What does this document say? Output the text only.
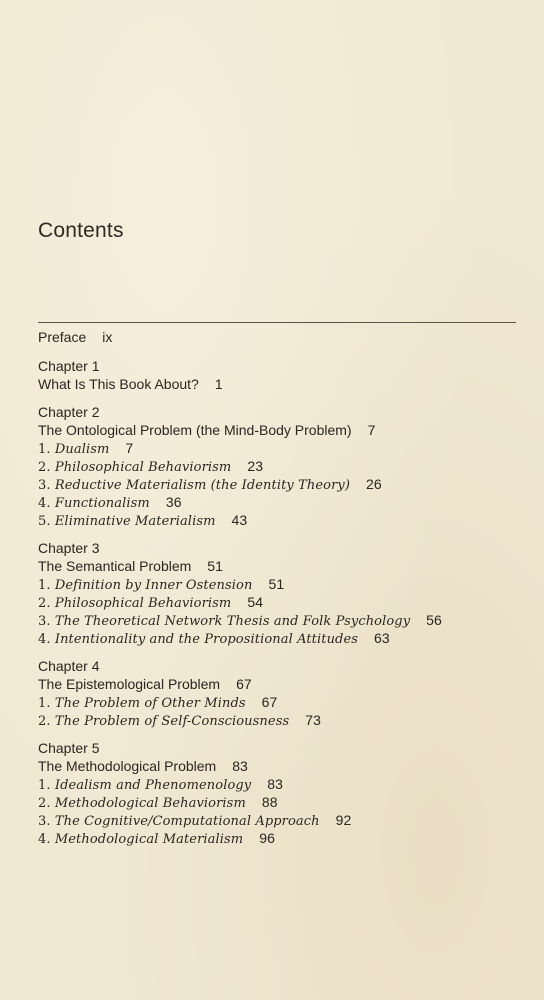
Contents
Preface ix
Chapter 1
What Is This Book About? 1
Chapter 2
The Ontological Problem (the Mind-Body Problem) 7
1. Dualism 7
2. Philosophical Behaviorism 23
3. Reductive Materialism (the Identity Theory) 26
4. Functionalism 36
5. Eliminative Materialism 43
Chapter 3
The Semantical Problem 51
1. Definition by Inner Ostension 51
2. Philosophical Behaviorism 54
3. The Theoretical Network Thesis and Folk Psychology 56
4. Intentionality and the Propositional Attitudes 63
Chapter 4
The Epistemological Problem 67
1. The Problem of Other Minds 67
2. The Problem of Self-Consciousness 73
Chapter 5
The Methodological Problem 83
1. Idealism and Phenomenology 83
2. Methodological Behaviorism 88
3. The Cognitive/Computational Approach 92
4. Methodological Materialism 96
